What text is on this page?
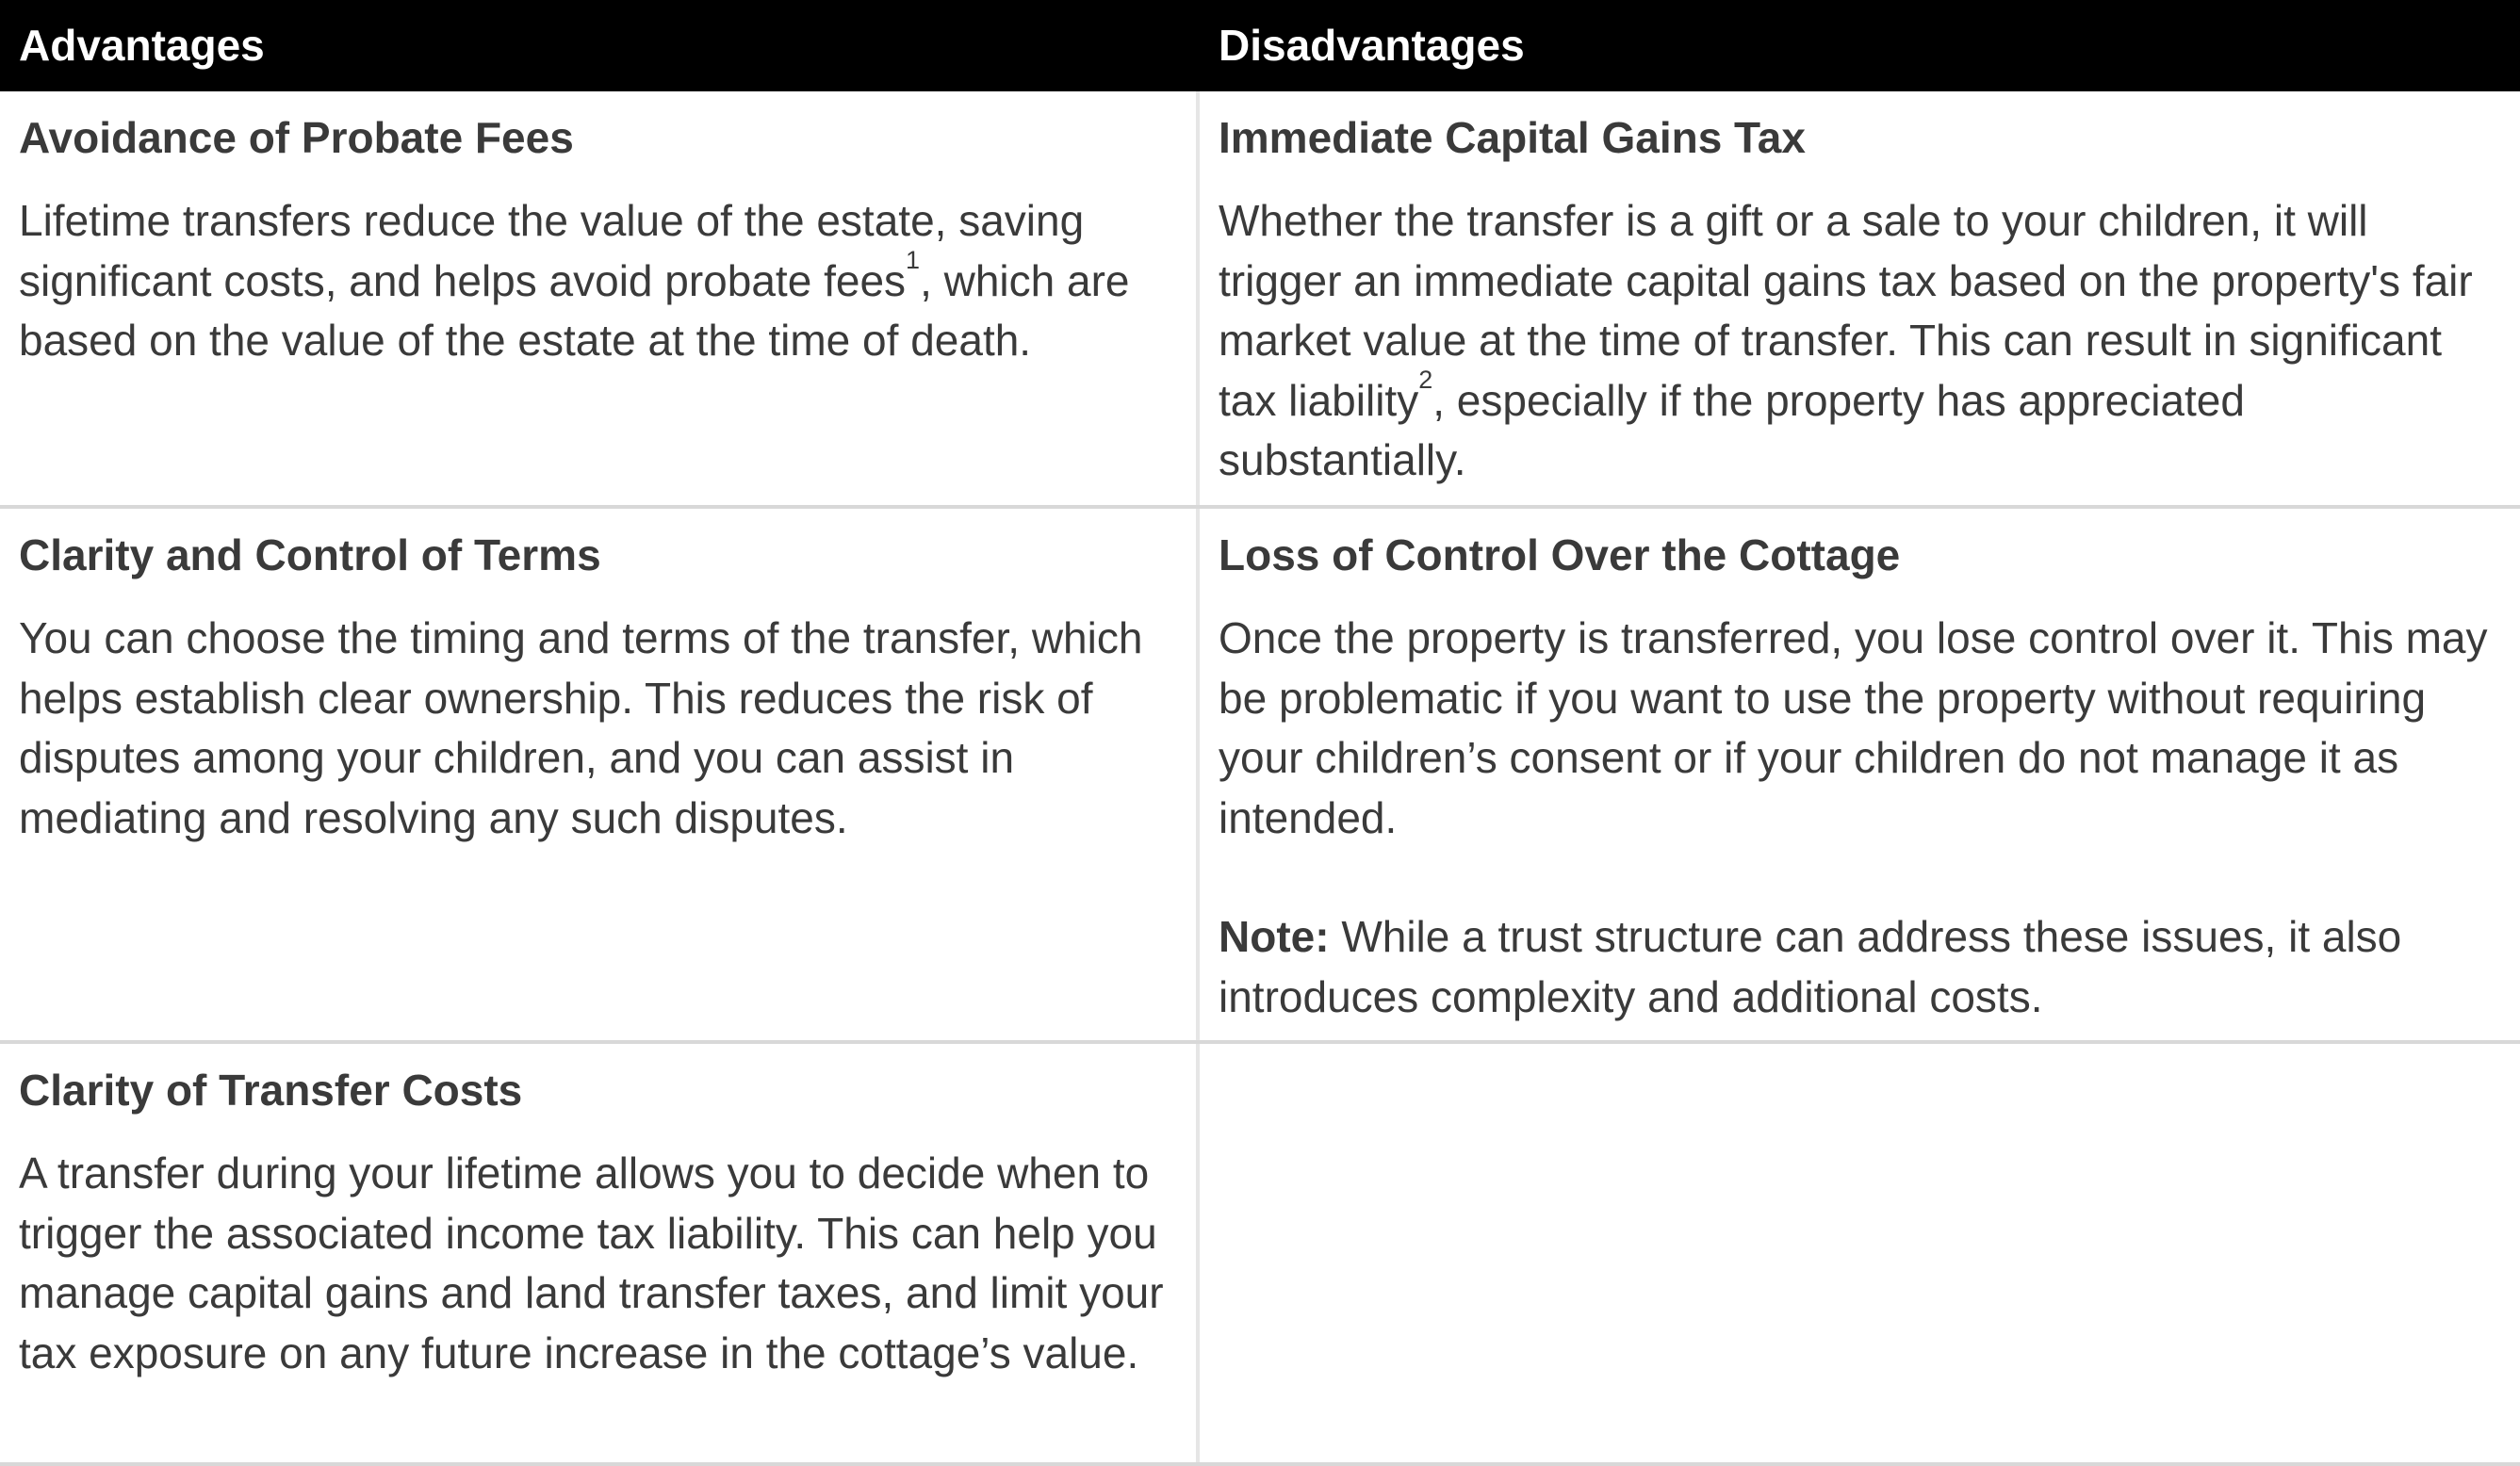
Advantages	Disadvantages
Avoidance of Probate Fees

Lifetime transfers reduce the value of the estate, saving significant costs, and helps avoid probate fees$^1$, which are based on the value of the estate at the time of death.

Immediate Capital Gains Tax

Whether the transfer is a gift or a sale to your children, it will trigger an immediate capital gains tax based on the property's fair market value at the time of transfer. This can result in significant tax liability$^2$, especially if the property has appreciated substantially.

Clarity and Control of Terms

You can choose the timing and terms of the transfer, which helps establish clear ownership. This reduces the risk of disputes among your children, and you can assist in mediating and resolving any such disputes.

Loss of Control Over the Cottage

Once the property is transferred, you lose control over it. This may be problematic if you want to use the property without requiring your children’s consent or if your children do not manage it as intended.

Note: While a trust structure can address these issues, it also introduces complexity and additional costs.

Clarity of Transfer Costs

A transfer during your lifetime allows you to decide when to trigger the associated income tax liability. This can help you manage capital gains and land transfer taxes, and limit your tax exposure on any future increase in the cottage’s value.
